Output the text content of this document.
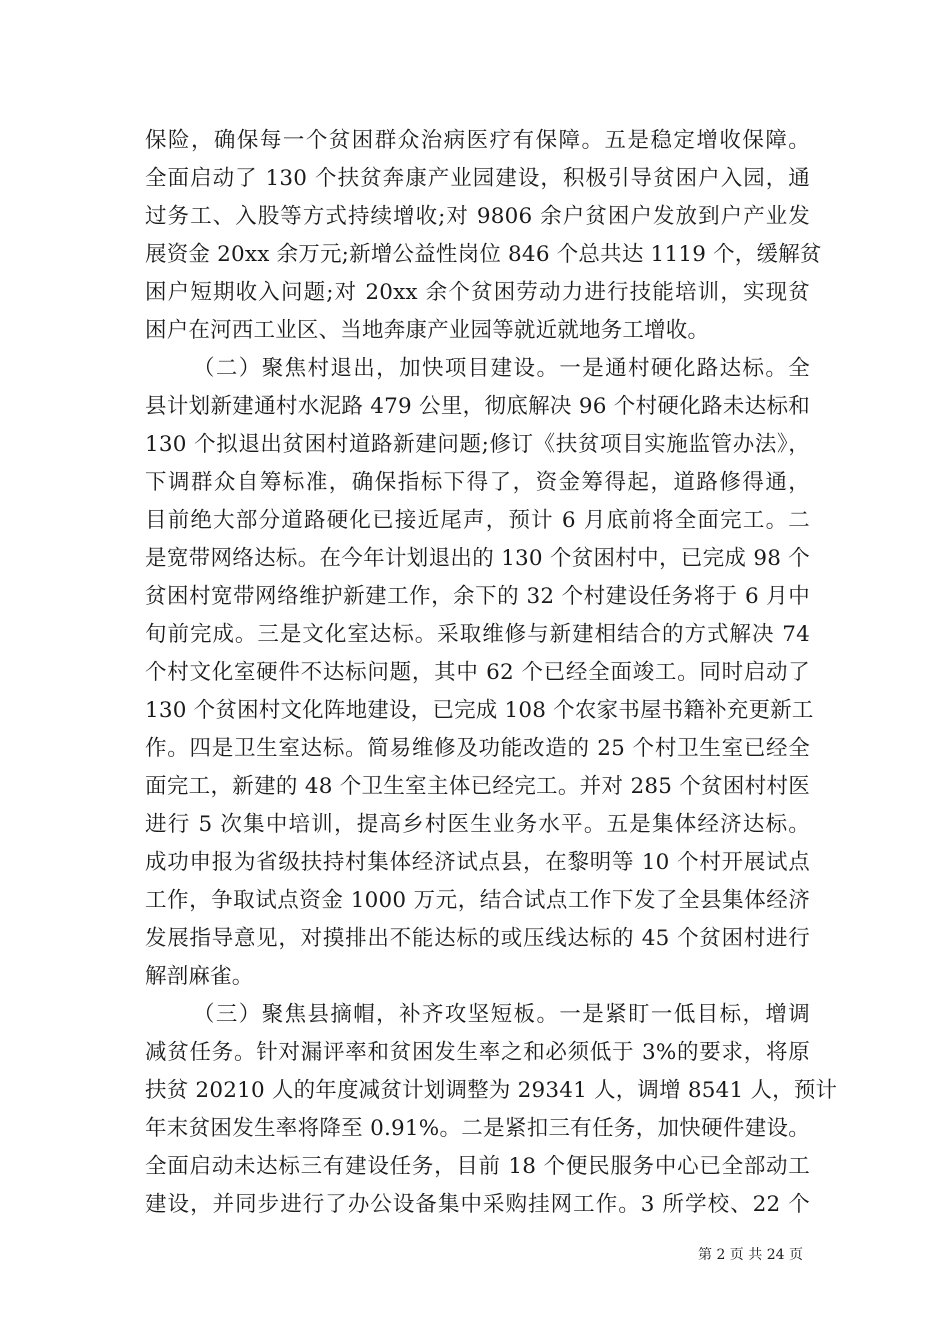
保险，确保每一个贫困群众治病医疗有保障。五是稳定增收保障。
全面启动了 130 个扶贫奔康产业园建设，积极引导贫困户入园，通
过务工、入股等方式持续增收;对 9806 余户贫困户发放到户产业发
展资金 20xx 余万元;新增公益性岗位 846 个总共达 1119 个，缓解贫
困户短期收入问题;对 20xx 余个贫困劳动力进行技能培训，实现贫
困户在河西工业区、当地奔康产业园等就近就地务工增收。
（二）聚焦村退出，加快项目建设。一是通村硬化路达标。全
县计划新建通村水泥路 479 公里，彻底解决 96 个村硬化路未达标和
130 个拟退出贫困村道路新建问题;修订《扶贫项目实施监管办法》，
下调群众自筹标准，确保指标下得了，资金筹得起，道路修得通，
目前绝大部分道路硬化已接近尾声，预计 6 月底前将全面完工。二
是宽带网络达标。在今年计划退出的 130 个贫困村中，已完成 98 个
贫困村宽带网络维护新建工作，余下的 32 个村建设任务将于 6 月中
旬前完成。三是文化室达标。采取维修与新建相结合的方式解决 74
个村文化室硬件不达标问题，其中 62 个已经全面竣工。同时启动了
130 个贫困村文化阵地建设，已完成 108 个农家书屋书籍补充更新工
作。四是卫生室达标。简易维修及功能改造的 25 个村卫生室已经全
面完工，新建的 48 个卫生室主体已经完工。并对 285 个贫困村村医
进行 5 次集中培训，提高乡村医生业务水平。五是集体经济达标。
成功申报为省级扶持村集体经济试点县，在黎明等 10 个村开展试点
工作，争取试点资金 1000 万元，结合试点工作下发了全县集体经济
发展指导意见，对摸排出不能达标的或压线达标的 45 个贫困村进行
解剖麻雀。
（三）聚焦县摘帽，补齐攻坚短板。一是紧盯一低目标，增调
减贫任务。针对漏评率和贫困发生率之和必须低于 3%的要求，将原
扶贫 20210 人的年度减贫计划调整为 29341 人，调增 8541 人，预计
年末贫困发生率将降至 0.91%。二是紧扣三有任务，加快硬件建设。
全面启动未达标三有建设任务，目前 18 个便民服务中心已全部动工
建设，并同步进行了办公设备集中采购挂网工作。3 所学校、22 个
第 2 页 共 24 页
